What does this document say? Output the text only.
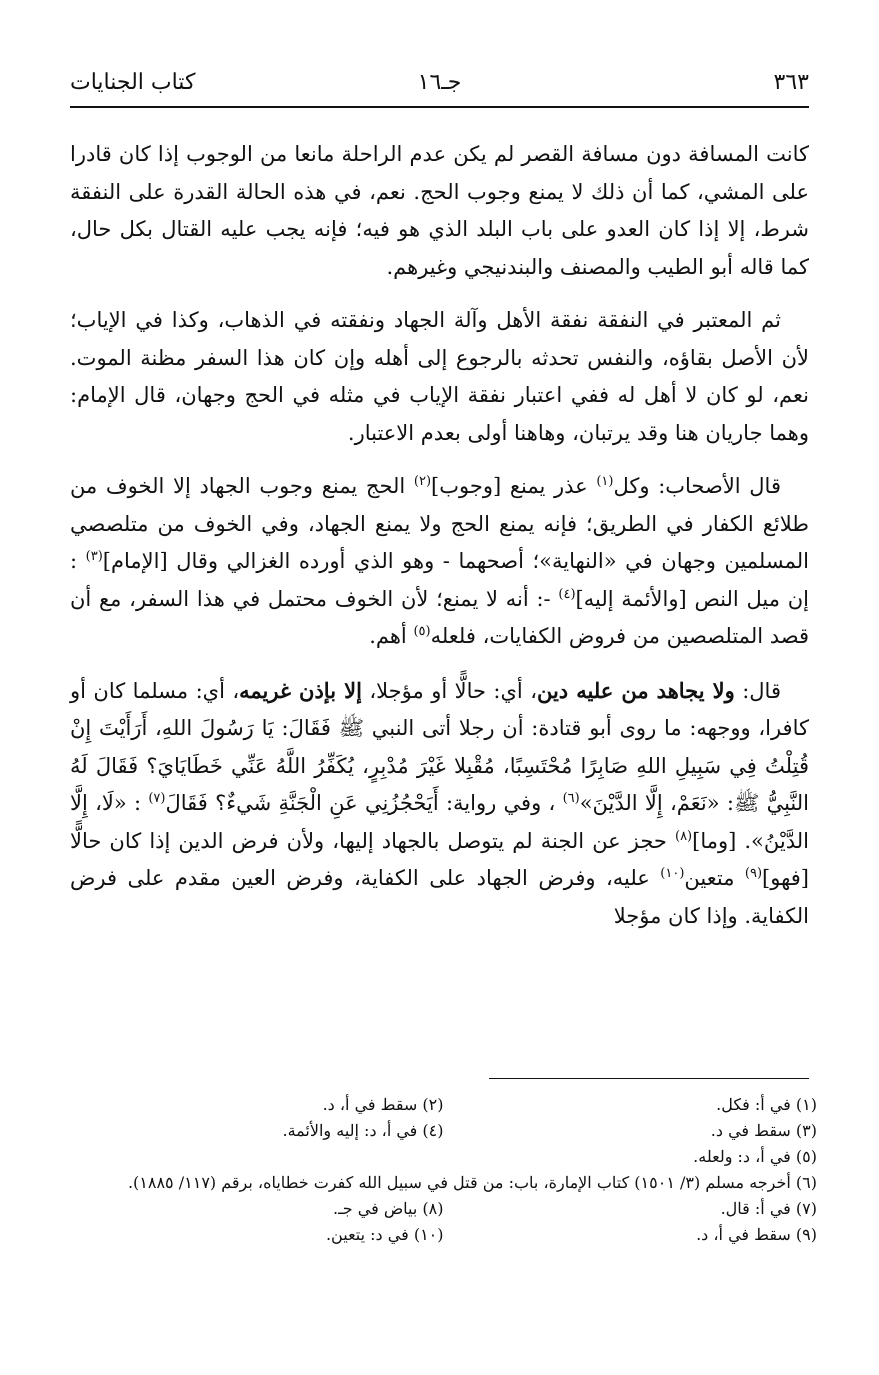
٣٦٣
جـ١٦
كتاب الجنايات

كانت المسافة دون مسافة القصر لم يكن عدم الراحلة مانعا من الوجوب إذا كان قادرا على المشي، كما أن ذلك لا يمنع وجوب الحج. نعم، في هذه الحالة القدرة على النفقة شرط، إلا إذا كان العدو على باب البلد الذي هو فيه؛ فإنه يجب عليه القتال بكل حال، كما قاله أبو الطيب والمصنف والبندنيجي وغيرهم.

ثم المعتبر في النفقة نفقة الأهل وآلة الجهاد ونفقته في الذهاب، وكذا في الإياب؛ لأن الأصل بقاؤه، والنفس تحدثه بالرجوع إلى أهله وإن كان هذا السفر مظنة الموت. نعم، لو كان لا أهل له ففي اعتبار نفقة الإياب في مثله في الحج وجهان، قال الإمام: وهما جاريان هنا وقد يرتبان، وهاهنا أولى بعدم الاعتبار.

قال الأصحاب: وكل$^{(١)}$ عذر يمنع [وجوب]$^{(٢)}$ الحج يمنع وجوب الجهاد إلا الخوف من طلائع الكفار في الطريق؛ فإنه يمنع الحج ولا يمنع الجهاد، وفي الخوف من متلصصي المسلمين وجهان في «النهاية»؛ أصحهما - وهو الذي أورده الغزالي وقال [الإمام]$^{(٣)}$ : إن ميل النص [والأئمة إليه]$^{(٤)}$ -: أنه لا يمنع؛ لأن الخوف محتمل في هذا السفر، مع أن قصد المتلصصين من فروض الكفايات، فلعله$^{(٥)}$ أهم.

قال: ولا يجاهد من عليه دين، أي: حالًّا أو مؤجلا، إلا بإذن غريمه، أي: مسلما كان أو كافرا، ووجهه: ما روى أبو قتادة: أن رجلا أتى النبي ﷺ فَقَالَ: يَا رَسُولَ اللهِ، أَرَأَيْتَ إِنْ قُتِلْتُ فِي سَبِيلِ اللهِ صَابِرًا مُحْتَسِبًا، مُقْبِلا غَيْرَ مُدْبِرٍ، يُكَفِّرُ اللَّهُ عَنِّي خَطَايَايَ؟ فَقَالَ لَهُ النَّبِيُّ ﷺ: «نَعَمْ، إِلَّا الدَّيْنَ»$^{(٦)}$ ، وفي رواية: أَيَحْجُزُنِي عَنِ الْجَنَّةِ شَيءٌ؟ فَقَالَ$^{(٧)}$ : «لَا، إِلَّا الدَّيْنُ». [وما]$^{(٨)}$ حجز عن الجنة لم يتوصل بالجهاد إليها، ولأن فرض الدين إذا كان حالًّا [فهو]$^{(٩)}$ متعين$^{(١٠)}$ عليه، وفرض الجهاد على الكفاية، وفرض العين مقدم على فرض الكفاية. وإذا كان مؤجلا

(١) في أ: فكل.
(٢) سقط في أ، د.
(٣) سقط في د.
(٤) في أ، د: إليه والأئمة.
(٥) في أ، د: ولعله.
(٦) أخرجه مسلم (٣/ ١٥٠١) كتاب الإمارة، باب: من قتل في سبيل الله كفرت خطاياه، برقم (١١٧/ ١٨٨٥).
(٧) في أ: قال.
(٨) بياض في جـ.
(٩) سقط في أ، د.
(١٠) في د: يتعين.
